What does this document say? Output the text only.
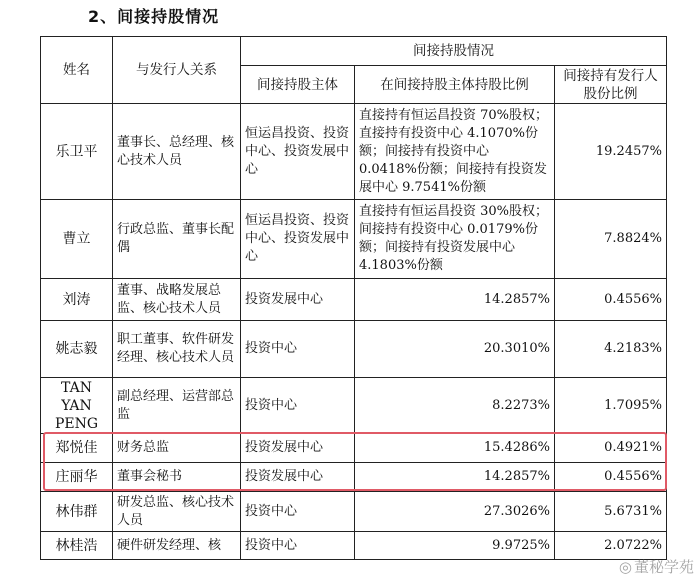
2、间接持股情况
姓名	与发行人关系	间接持股情况		
		间接持股主体	在间接持股主体持股比例	间接持有发行人股份比例
乐卫平	董事长、总经理、核心技术人员	恒运昌投资、投资中心、投资发展中心	直接持有恒运昌投资 70%股权；直接持有投资中心 4.1070%份额；间接持有投资中心 0.0418%份额；间接持有投资发展中心 9.7541%份额	19.2457%
曹立	行政总监、董事长配偶	恒运昌投资、投资中心、投资发展中心	直接持有恒运昌投资 30%股权；间接持有投资中心 0.0179%份额；间接持有投资发展中心 4.1803%份额	7.8824%
刘涛	董事、战略发展总监、核心技术人员	投资发展中心	14.2857%	0.4556%
姚志毅	职工董事、软件研发经理、核心技术人员	投资中心	20.3010%	4.2183%
TAN YAN PENG	副总经理、运营部总监	投资中心	8.2273%	1.7095%
郑悦佳	财务总监	投资发展中心	15.4286%	0.4921%
庄丽华	董事会秘书	投资发展中心	14.2857%	0.4556%
林伟群	研发总监、核心技术人员	投资中心	27.3026%	5.6731%
林桂浩	硬件研发经理、核	投资中心	9.9725%	2.0722%
◎ 董秘学苑
